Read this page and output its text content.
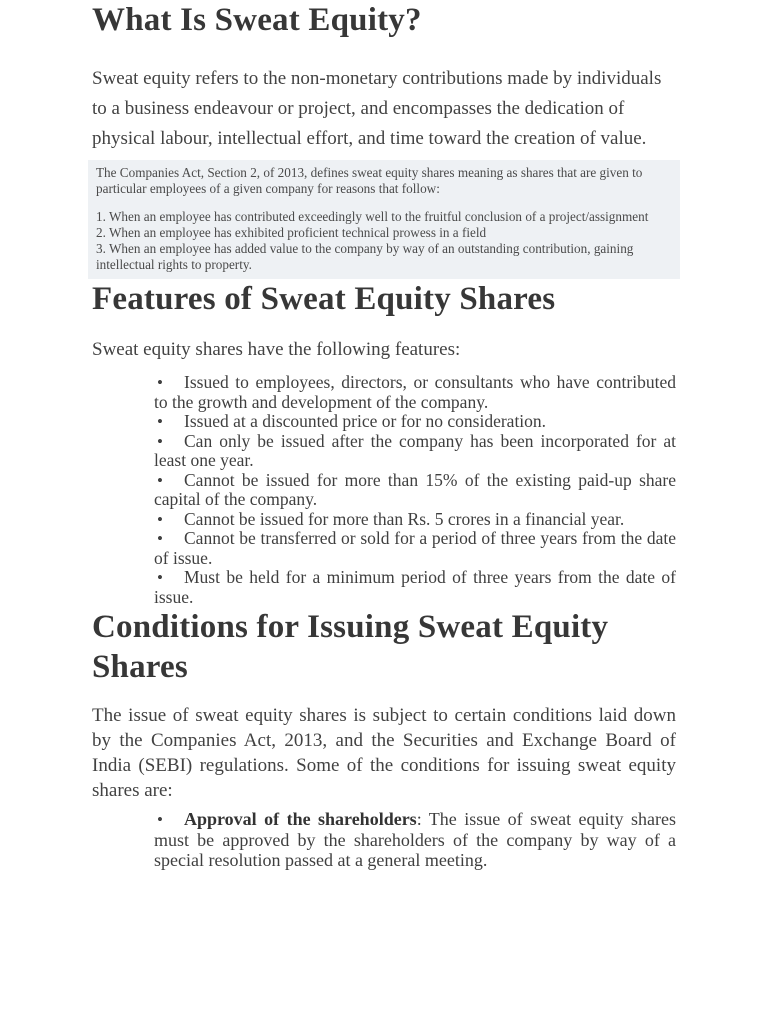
What Is Sweat Equity?

Sweat equity refers to the non-monetary contributions made by individuals to a business endeavour or project, and encompasses the dedication of physical labour, intellectual effort, and time toward the creation of value.

The Companies Act, Section 2, of 2013, defines sweat equity shares meaning as shares that are given to particular employees of a given company for reasons that follow:

1. When an employee has contributed exceedingly well to the fruitful conclusion of a project/assignment

2. When an employee has exhibited proficient technical prowess in a field

3. When an employee has added value to the company by way of an outstanding contribution, gaining intellectual rights to property.

Features of Sweat Equity Shares

Sweat equity shares have the following features:

• Issued to employees, directors, or consultants who have contributed to the growth and development of the company.
• Issued at a discounted price or for no consideration.
• Can only be issued after the company has been incorporated for at least one year.
• Cannot be issued for more than 15% of the existing paid-up share capital of the company.
• Cannot be issued for more than Rs. 5 crores in a financial year.
• Cannot be transferred or sold for a period of three years from the date of issue.
• Must be held for a minimum period of three years from the date of issue.
Conditions for Issuing Sweat Equity Shares

The issue of sweat equity shares is subject to certain conditions laid down by the Companies Act, 2013, and the Securities and Exchange Board of India (SEBI) regulations. Some of the conditions for issuing sweat equity shares are:

• Approval of the shareholders: The issue of sweat equity shares must be approved by the shareholders of the company by way of a special resolution passed at a general meeting.
